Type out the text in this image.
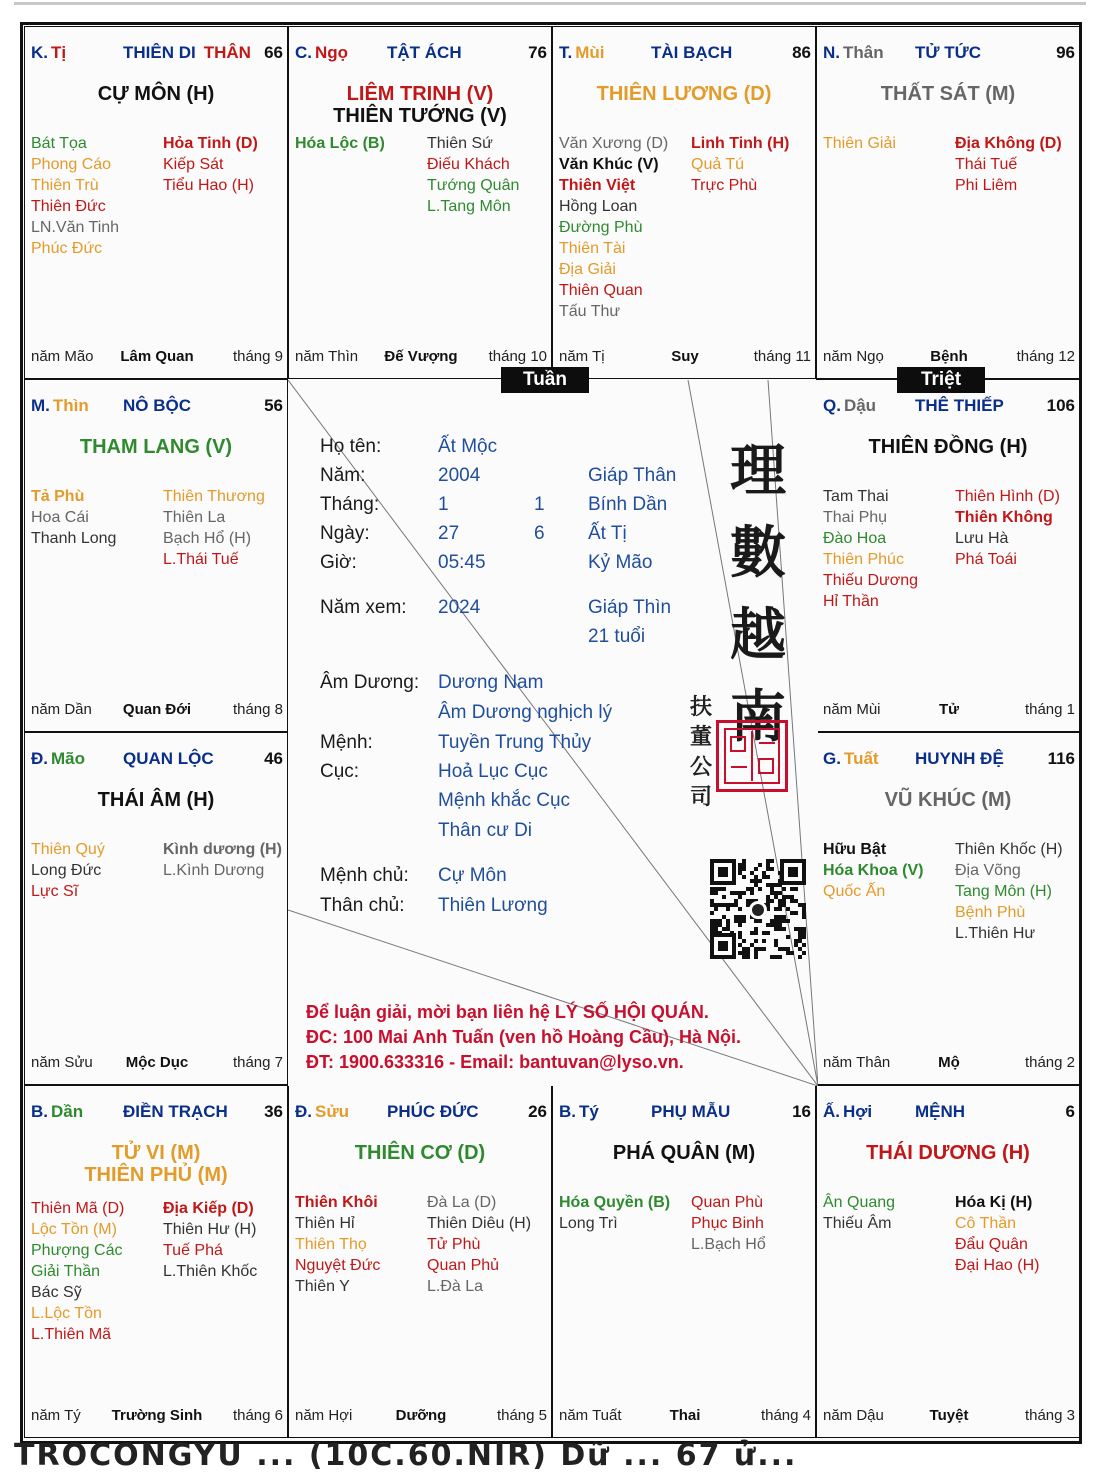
K. Tị	THIÊN DI THÂN 66
CỰ MÔN (H)
Bát Tọa
Phong Cáo
Thiên Trù
Thiên Đức
LN.Văn Tinh
Phúc Đức
Hỏa Tinh (D)
Kiếp Sát
Tiểu Hao (H)
năm Mão	Lâm Quan	tháng 9
C. Ngọ TẬT ÁCH	76
LIÊM TRINH (V)
THIÊN TƯỚNG (V)
Hóa Lộc (B)	Thiên Sứ
Điếu Khách
Tướng Quân
L.Tang Môn
năm Thìn	Đế Vượng	tháng 10
T. Mùi	TÀI BẠCH	86
THIÊN LƯƠNG (D)
Văn Xương (D)
Văn Khúc (V)
Thiên Việt
Hồng Loan
Đường Phù
Thiên Tài
Địa Giải
Thiên Quan
Tấu Thư
Linh Tinh (H)
Quả Tú
Trực Phù
năm Tị	Suy	tháng 11
N. Thân TỬ TỨC	96
THẤT SÁT (M)
Thiên Giải	Địa Không (D)
Thái Tuế
Phi Liêm
năm Ngọ	Bệnh	tháng 12
M. Thìn NÔ BỘC	56
THAM LANG (V)
Tả Phù
Hoa Cái
Thanh Long
Thiên Thương
Thiên La
Bạch Hổ (H)
L.Thái Tuế
năm Dần	Quan Đới	tháng 8
Q. Dậu THÊ THIẾP	106
THIÊN ĐỒNG (H)
Tam Thai
Thai Phụ
Đào Hoa
Thiên Phúc
Thiếu Dương
Hỉ Thần
Thiên Hình (D)
Thiên Không
Lưu Hà
Phá Toái
năm Mùi	Tử	tháng 1
Đ. Mão QUAN LỘC	46
THÁI ÂM (H)
Thiên Quý
Long Đức
Lực Sĩ
Kình dương (H)
L.Kình Dương
năm Sửu	Mộc Dục	tháng 7
G. Tuất HUYNH ĐỆ	116
VŨ KHÚC (M)
Hữu Bật
Hóa Khoa (V)
Quốc Ấn
Thiên Khốc (H)
Địa Võng
Tang Môn (H)
Bệnh Phù
L.Thiên Hư
năm Thân	Mộ	tháng 2
B. Dần ĐIỀN TRẠCH 36
TỬ VI (M)
THIÊN PHỦ (M)
Thiên Mã (D)
Lộc Tồn (M)
Phượng Các
Giải Thần
Bác Sỹ
L.Lộc Tồn
L.Thiên Mã
Địa Kiếp (D)
Thiên Hư (H)
Tuế Phá
L.Thiên Khốc
năm Tý	Trường Sinh	tháng 6
Đ. Sửu PHÚC ĐỨC	26
THIÊN CƠ (D)
Thiên Khôi
Thiên Hỉ
Thiên Thọ
Nguyệt Đức
Thiên Y
Đà La (D)
Thiên Diêu (H)
Tử Phù
Quan Phủ
L.Đà La
năm Hợi	Dưỡng	tháng 5
B. Tý	PHỤ MẪU	16
PHÁ QUÂN (M)
Hóa Quyền (B)
Long Trì
Quan Phù
Phục Binh
L.Bạch Hổ
năm Tuất	Thai	tháng 4
Ấ. Hợi	MỆNH	6
THÁI DƯƠNG (H)
Ân Quang
Thiếu Âm
Hóa Kị (H)
Cô Thần
Đẩu Quân
Đại Hao (H)
năm Dậu	Tuyệt	tháng 3
Họ tên:	Ất Mộc
Năm:	2004	Giáp Thân
Tháng:	1	1 Bính Dần
Ngày:	27	6 Ất Tị
Giờ:	05:45	Kỷ Mão
Năm xem: 2024	Giáp Thìn
21 tuổi
Âm Dương: Dương Nam
Âm Dương nghịch lý
Mệnh:	Tuyền Trung Thủy
Cục:	Hoả Lục Cục
Mệnh khắc Cục
Thân cư Di
Mệnh chủ: Cự Môn
Thân chủ: Thiên Lương
理
數
越
南
扶
董
公
司
Để luận giải, mời bạn liên hệ LÝ SỐ HỘI QUÁN.
ĐC: 100 Mai Anh Tuấn (ven hồ Hoàng Cầu), Hà Nội.
ĐT: 1900.633316 - Email: bantuvan@lyso.vn.
Tuần	Triệt
TROCONGYU ... (10C.60.NIR) Dữ ... 67 ử...
